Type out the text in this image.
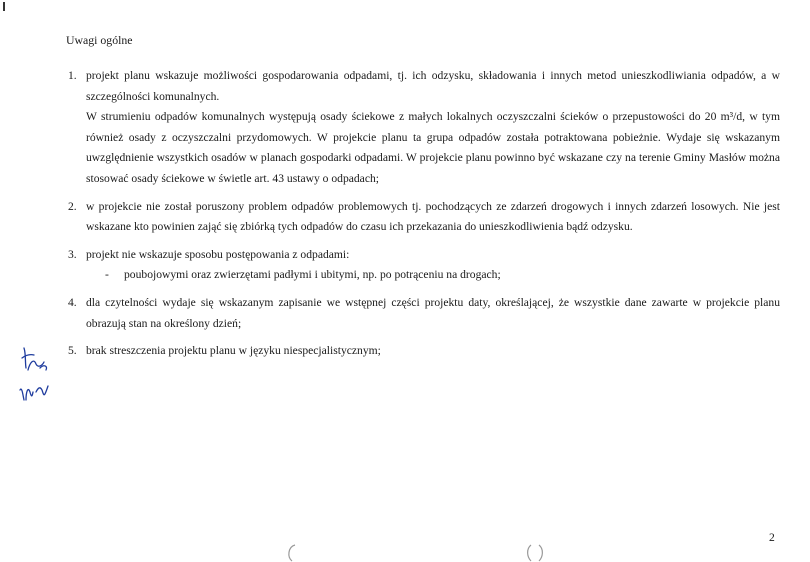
Uwagi ogólne
1. projekt planu wskazuje możliwości gospodarowania odpadami, tj. ich odzysku, składowania i innych metod unieszkodliwiania odpadów, a w szczególności komunalnych.

W strumieniu odpadów komunalnych występują osady ściekowe z małych lokalnych oczyszczalni ścieków o przepustowości do 20 m³/d, w tym również osady z oczyszczalni przydomowych. W projekcie planu ta grupa odpadów została potraktowana pobieżnie. Wydaje się wskazanym uwzględnienie wszystkich osadów w planach gospodarki odpadami. W projekcie planu powinno być wskazane czy na terenie Gminy Masłów można stosować osady ściekowe w świetle art. 43 ustawy o odpadach;

2. w projekcie nie został poruszony problem odpadów problemowych tj. pochodzących ze zdarzeń drogowych i innych zdarzeń losowych. Nie jest wskazane kto powinien zająć się zbiórką tych odpadów do czasu ich przekazania do unieszkodliwienia bądź odzysku.

3. projekt nie wskazuje sposobu postępowania z odpadami:

- poubojowymi oraz zwierzętami padłymi i ubitymi, np. po potrąceniu na drogach;
4. dla czytelności wydaje się wskazanym zapisanie we wstępnej części projektu daty, określającej, że wszystkie dane zawarte w projekcie planu obrazują stan na określony dzień;

5. brak streszczenia projektu planu w języku niespecjalistycznym;

2
